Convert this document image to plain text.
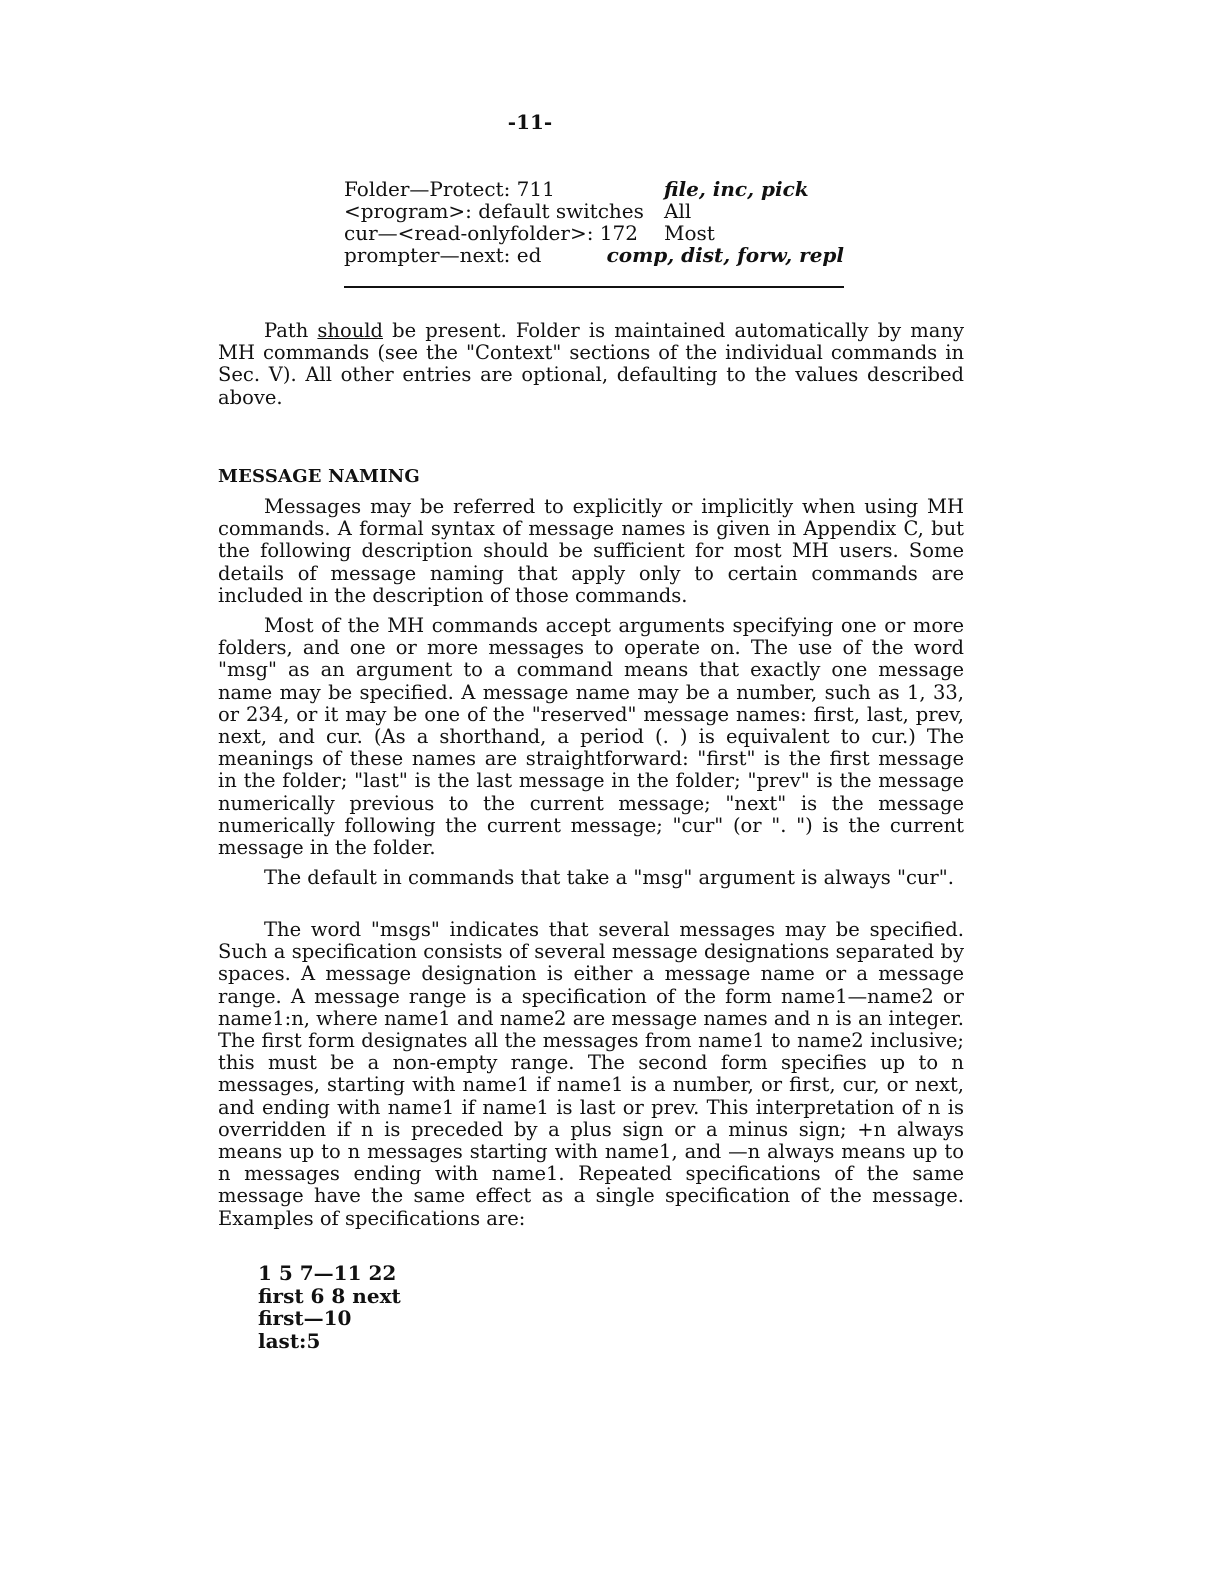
-11-
Folder—Protect: 711	file, inc, pick
<program>: default switches	All
cur—<read-onlyfolder>: 172	Most
prompter—next: ed	comp, dist, forw, repl

Path should be present. Folder is maintained automatically by many MH commands (see the "Context" sections of the individual commands in Sec. V). All other entries are optional, defaulting to the values described above.

MESSAGE NAMING

Messages may be referred to explicitly or implicitly when using MH commands. A formal syntax of message names is given in Appendix C, but the following description should be sufficient for most MH users. Some details of message naming that apply only to certain commands are included in the description of those commands.

Most of the MH commands accept arguments specifying one or more folders, and one or more messages to operate on. The use of the word "msg" as an argument to a command means that exactly one message name may be specified. A message name may be a number, such as 1, 33, or 234, or it may be one of the "reserved" message names: first, last, prev, next, and cur. (As a shorthand, a period (. ) is equivalent to cur.) The meanings of these names are straightforward: "first" is the first message in the folder; "last" is the last message in the folder; "prev" is the message numerically previous to the current message; "next" is the message numerically following the current message; "cur" (or ". ") is the current message in the folder.

The default in commands that take a "msg" argument is always "cur".

The word "msgs" indicates that several messages may be specified. Such a specification consists of several message designations separated by spaces. A message designation is either a message name or a message range. A message range is a specification of the form name1—name2 or name1:n, where name1 and name2 are message names and n is an integer. The first form designates all the messages from name1 to name2 inclusive; this must be a non-empty range. The second form specifies up to n messages, starting with name1 if name1 is a number, or first, cur, or next, and ending with name1 if name1 is last or prev. This interpretation of n is overridden if n is preceded by a plus sign or a minus sign; +n always means up to n messages starting with name1, and —n always means up to n messages ending with name1. Repeated specifications of the same message have the same effect as a single specification of the message. Examples of specifications are:

1 5 7—11 22
first 6 8 next
first—10
last:5
